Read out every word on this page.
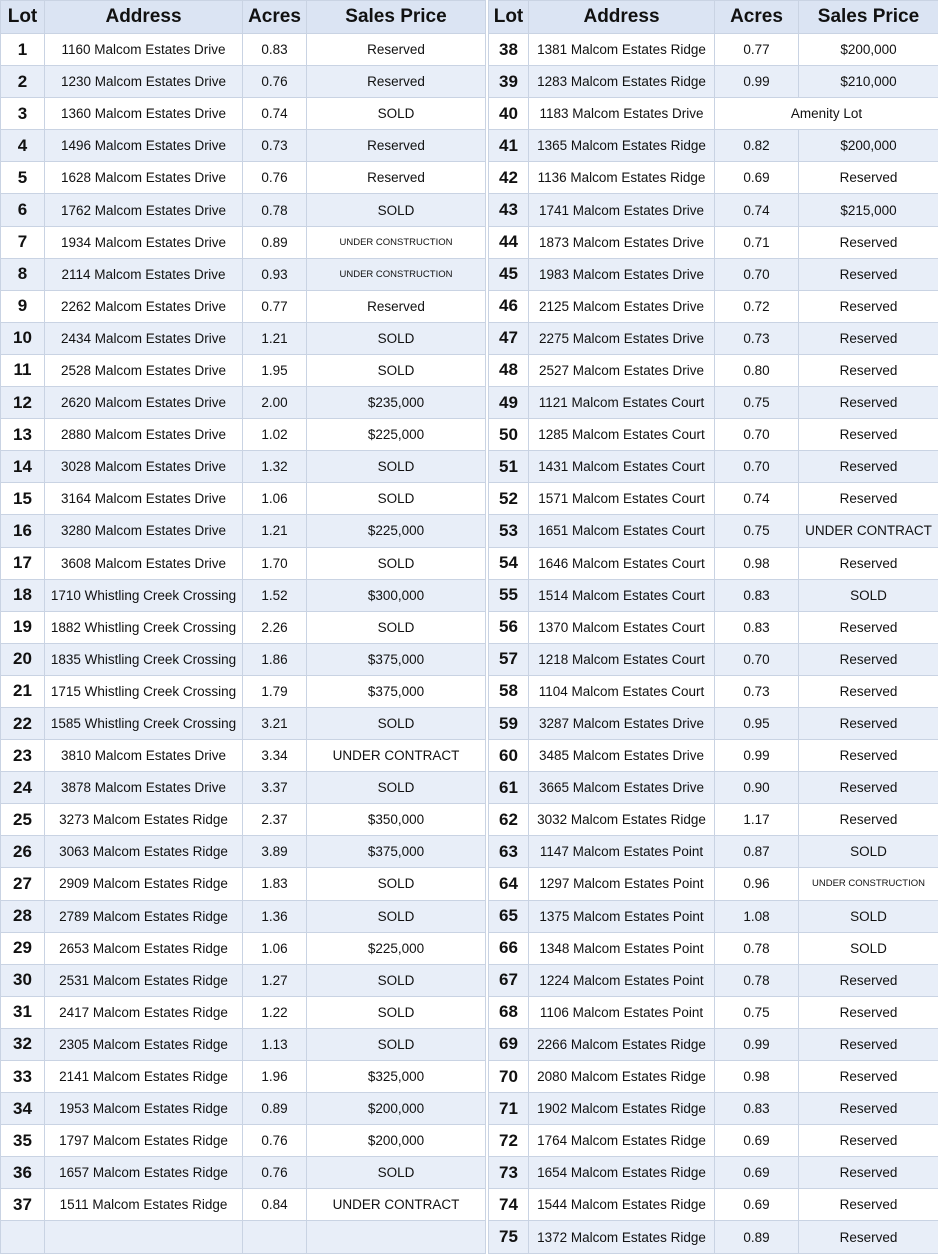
Lot	Address	Acres	Sales Price
1	1160 Malcom Estates Drive	0.83	Reserved
2	1230 Malcom Estates Drive	0.76	Reserved
3	1360 Malcom Estates Drive	0.74	SOLD
4	1496 Malcom Estates Drive	0.73	Reserved
5	1628 Malcom Estates Drive	0.76	Reserved
6	1762 Malcom Estates Drive	0.78	SOLD
7	1934 Malcom Estates Drive	0.89	UNDER CONSTRUCTION
8	2114 Malcom Estates Drive	0.93	UNDER CONSTRUCTION
9	2262 Malcom Estates Drive	0.77	Reserved
10	2434 Malcom Estates Drive	1.21	SOLD
11	2528 Malcom Estates Drive	1.95	SOLD
12	2620 Malcom Estates Drive	2.00	$235,000
13	2880 Malcom Estates Drive	1.02	$225,000
14	3028 Malcom Estates Drive	1.32	SOLD
15	3164 Malcom Estates Drive	1.06	SOLD
16	3280 Malcom Estates Drive	1.21	$225,000
17	3608 Malcom Estates Drive	1.70	SOLD
18	1710 Whistling Creek Crossing	1.52	$300,000
19	1882 Whistling Creek Crossing	2.26	SOLD
20	1835 Whistling Creek Crossing	1.86	$375,000
21	1715 Whistling Creek Crossing	1.79	$375,000
22	1585 Whistling Creek Crossing	3.21	SOLD
23	3810 Malcom Estates Drive	3.34	UNDER CONTRACT
24	3878 Malcom Estates Drive	3.37	SOLD
25	3273 Malcom Estates Ridge	2.37	$350,000
26	3063 Malcom Estates Ridge	3.89	$375,000
27	2909 Malcom Estates Ridge	1.83	SOLD
28	2789 Malcom Estates Ridge	1.36	SOLD
29	2653 Malcom Estates Ridge	1.06	$225,000
30	2531 Malcom Estates Ridge	1.27	SOLD
31	2417 Malcom Estates Ridge	1.22	SOLD
32	2305 Malcom Estates Ridge	1.13	SOLD
33	2141 Malcom Estates Ridge	1.96	$325,000
34	1953 Malcom Estates Ridge	0.89	$200,000
35	1797 Malcom Estates Ridge	0.76	$200,000
36	1657 Malcom Estates Ridge	0.76	SOLD
37	1511 Malcom Estates Ridge	0.84	UNDER CONTRACT

Lot	Address	Acres	Sales Price
38	1381 Malcom Estates Ridge	0.77	$200,000
39	1283 Malcom Estates Ridge	0.99	$210,000
40	1183 Malcom Estates Drive	Amenity Lot	
41	1365 Malcom Estates Ridge	0.82	$200,000
42	1136 Malcom Estates Ridge	0.69	Reserved
43	1741 Malcom Estates Drive	0.74	$215,000
44	1873 Malcom Estates Drive	0.71	Reserved
45	1983 Malcom Estates Drive	0.70	Reserved
46	2125 Malcom Estates Drive	0.72	Reserved
47	2275 Malcom Estates Drive	0.73	Reserved
48	2527 Malcom Estates Drive	0.80	Reserved
49	1121 Malcom Estates Court	0.75	Reserved
50	1285 Malcom Estates Court	0.70	Reserved
51	1431 Malcom Estates Court	0.70	Reserved
52	1571 Malcom Estates Court	0.74	Reserved
53	1651 Malcom Estates Court	0.75	UNDER CONTRACT
54	1646 Malcom Estates Court	0.98	Reserved
55	1514 Malcom Estates Court	0.83	SOLD
56	1370 Malcom Estates Court	0.83	Reserved
57	1218 Malcom Estates Court	0.70	Reserved
58	1104 Malcom Estates Court	0.73	Reserved
59	3287 Malcom Estates Drive	0.95	Reserved
60	3485 Malcom Estates Drive	0.99	Reserved
61	3665 Malcom Estates Drive	0.90	Reserved
62	3032 Malcom Estates Ridge	1.17	Reserved
63	1147 Malcom Estates Point	0.87	SOLD
64	1297 Malcom Estates Point	0.96	UNDER CONSTRUCTION
65	1375 Malcom Estates Point	1.08	SOLD
66	1348 Malcom Estates Point	0.78	SOLD
67	1224 Malcom Estates Point	0.78	Reserved
68	1106 Malcom Estates Point	0.75	Reserved
69	2266 Malcom Estates Ridge	0.99	Reserved
70	2080 Malcom Estates Ridge	0.98	Reserved
71	1902 Malcom Estates Ridge	0.83	Reserved
72	1764 Malcom Estates Ridge	0.69	Reserved
73	1654 Malcom Estates Ridge	0.69	Reserved
74	1544 Malcom Estates Ridge	0.69	Reserved
75	1372 Malcom Estates Ridge	0.89	Reserved
